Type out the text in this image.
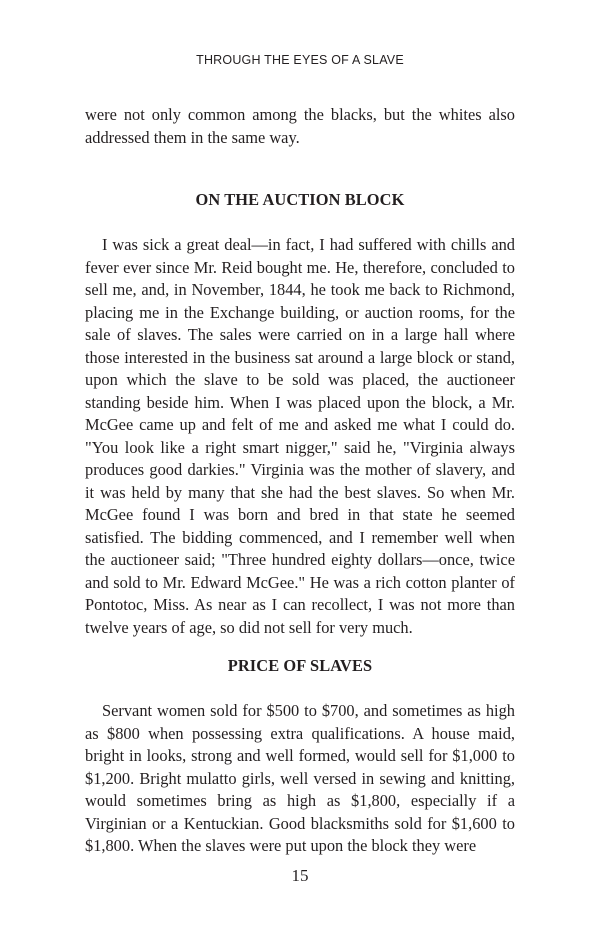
THROUGH THE EYES OF A SLAVE

were not only common among the blacks, but the whites also addressed them in the same way.

ON THE AUCTION BLOCK

I was sick a great deal—in fact, I had suffered with chills and fever ever since Mr. Reid bought me. He, therefore, concluded to sell me, and, in November, 1844, he took me back to Richmond, placing me in the Exchange building, or auction rooms, for the sale of slaves. The sales were carried on in a large hall where those interested in the business sat around a large block or stand, upon which the slave to be sold was placed, the auctioneer standing beside him. When I was placed upon the block, a Mr. McGee came up and felt of me and asked me what I could do. "You look like a right smart nigger," said he, "Virginia always produces good darkies." Virginia was the mother of slavery, and it was held by many that she had the best slaves. So when Mr. McGee found I was born and bred in that state he seemed satisfied. The bidding commenced, and I remember well when the auctioneer said; "Three hundred eighty dollars—once, twice and sold to Mr. Edward McGee." He was a rich cotton planter of Pontotoc, Miss. As near as I can recollect, I was not more than twelve years of age, so did not sell for very much.

PRICE OF SLAVES

Servant women sold for $500 to $700, and sometimes as high as $800 when possessing extra qualifications. A house maid, bright in looks, strong and well formed, would sell for $1,000 to $1,200. Bright mulatto girls, well versed in sewing and knitting, would sometimes bring as high as $1,800, especially if a Virginian or a Kentuckian. Good blacksmiths sold for $1,600 to $1,800. When the slaves were put upon the block they were

15
